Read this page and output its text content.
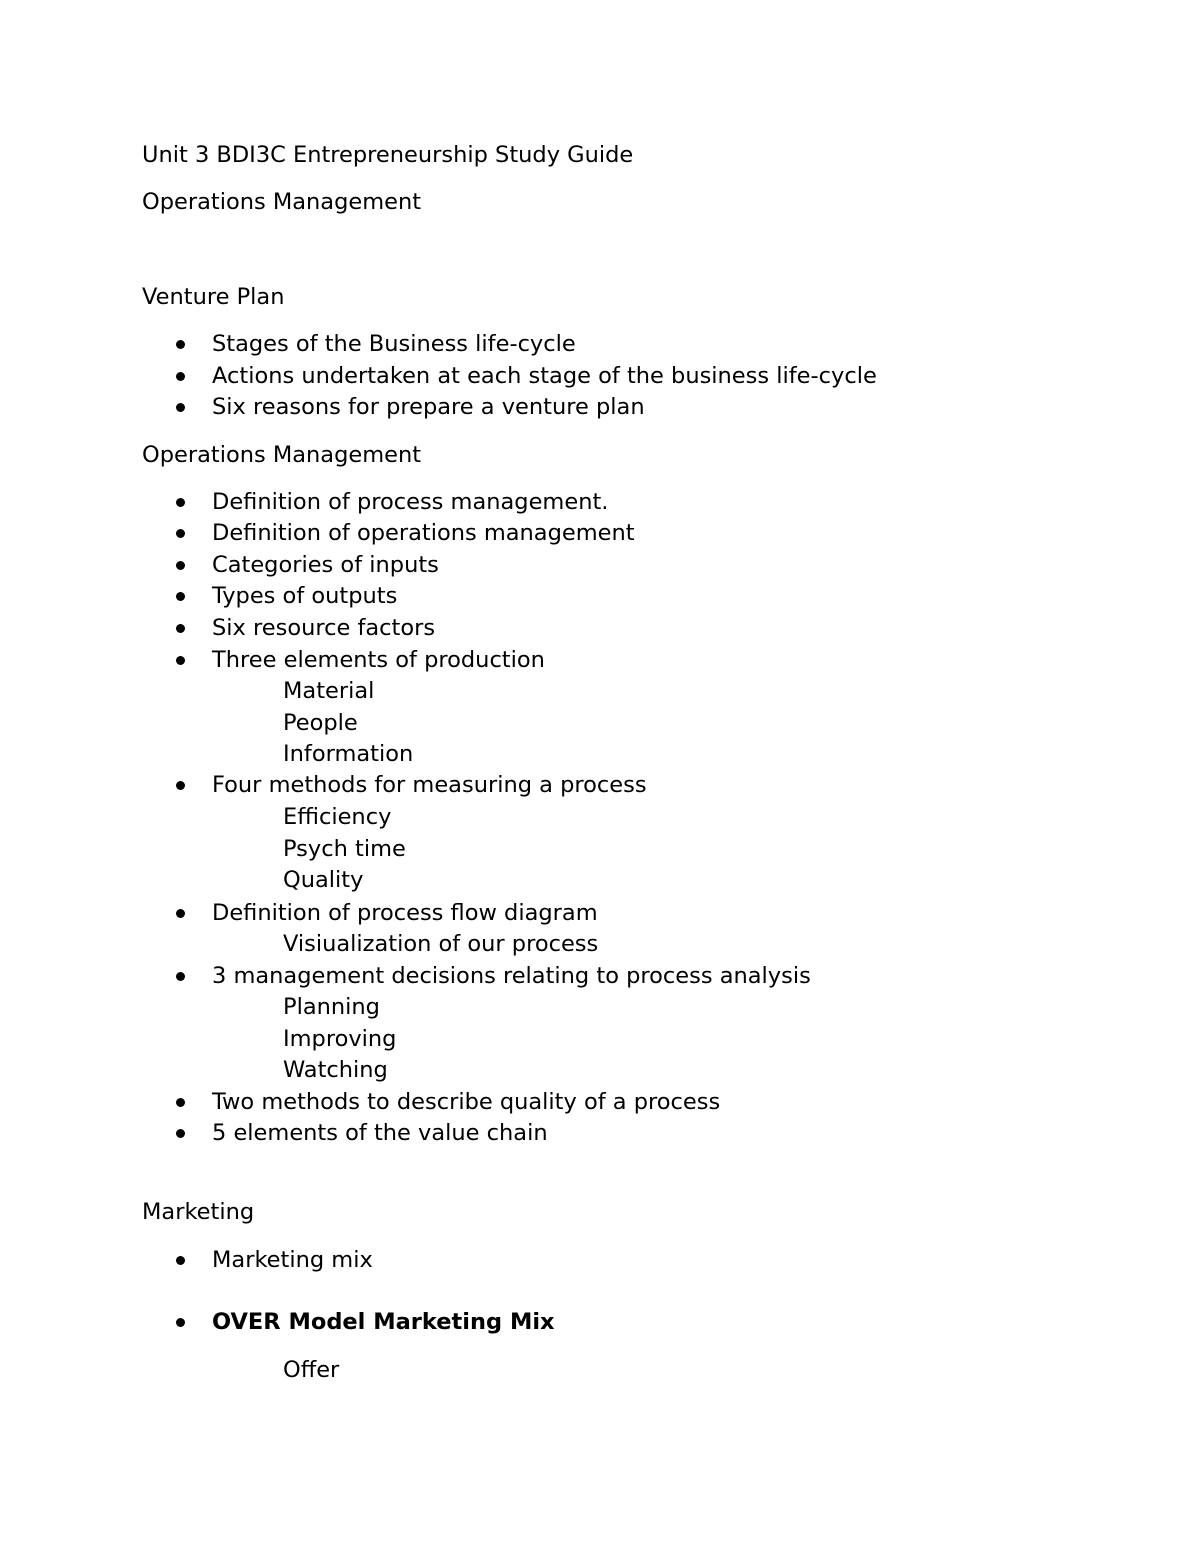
Unit 3 BDI3C Entrepreneurship Study Guide
Operations Management
Venture Plan
Stages of the Business life-cycle
Actions undertaken at each stage of the business life-cycle
Six reasons for prepare a venture plan
Operations Management
Definition of process management.
Definition of operations management
Categories of inputs
Types of outputs
Six resource factors
Three elements of production
Material
People
Information
Four methods for measuring a process
Efficiency
Psych time
Quality
Definition of process flow diagram
Visiualization of our process
3 management decisions relating to process analysis
Planning
Improving
Watching
Two methods to describe quality of a process
5 elements of the value chain
Marketing
Marketing mix
OVER Model Marketing Mix
Offer
